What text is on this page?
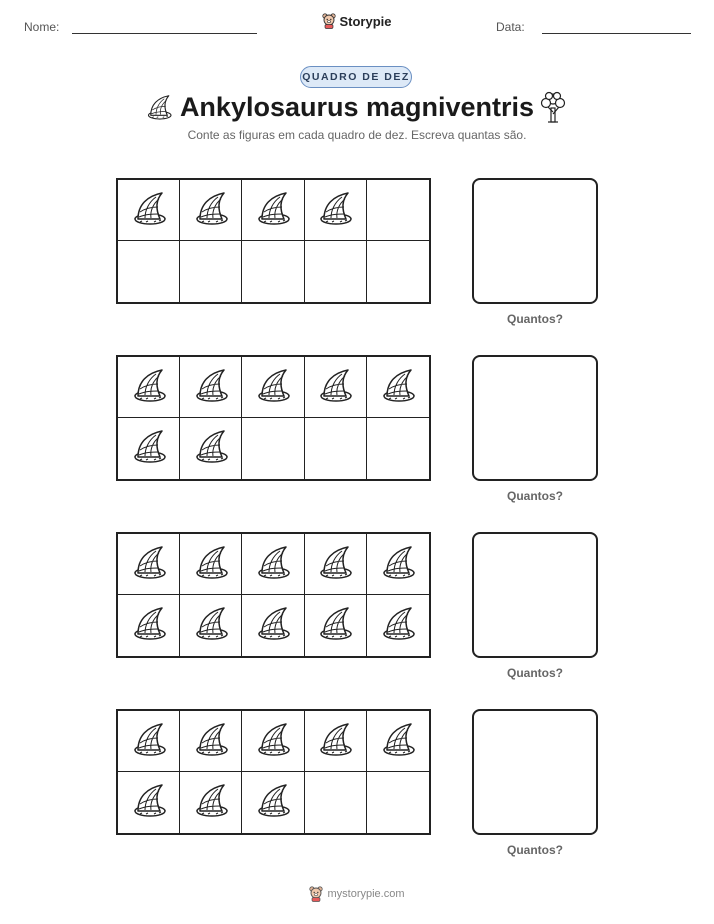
Nome:	Storypie	Data:
QUADRO DE DEZ
Ankylosaurus magniventris
Conte as figuras em cada quadro de dez. Escreva quantas são.
Quantos?
Quantos?
Quantos?
Quantos?
mystorypie.com
